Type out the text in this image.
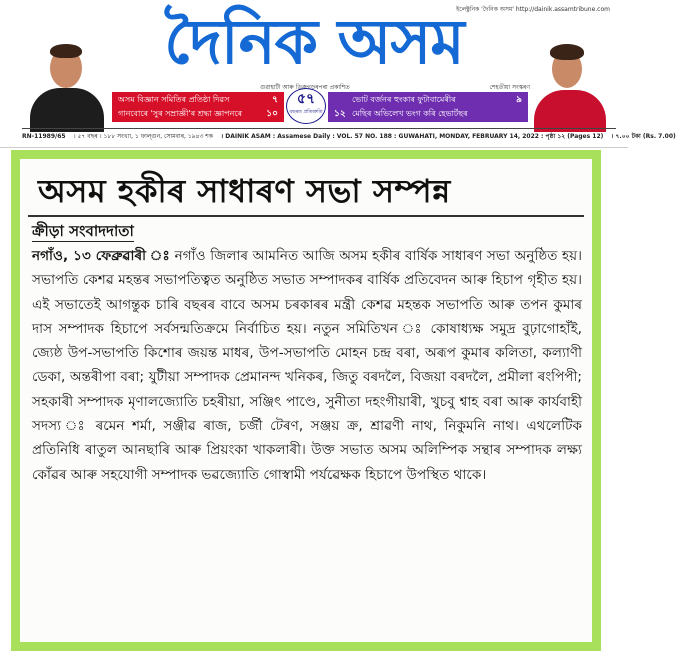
ইলেক্ট্ৰনিক 'দৈনিক অসম' http://dainik.assamtribune.com
দৈনিক অসম
গুৱাহাটী আৰু ডিব্ৰুগড়ৰপৰা প্ৰকাশিত	শেহতীয়া সংস্কৰণ
অসম বিজ্ঞান সমিতিৰ প্ৰতিষ্ঠা দিৱস	৭
গানবোৰে 'সুৰ সম্ৰাজ্ঞী'ৰ শ্ৰদ্ধা জ্ঞাপনৰে	১০
৫৭
বছৰত প্ৰতিশ্ৰুতি
ভোট বৰ্জনৰ হুংকাৰ ফুটাবামেৰীৰ	৯
১২ মেছিৰ অভিলেখ ভংগ কৰি হেভাৰ্টছৰ
RN-11989/65 । ৫৭ বছৰ । ১৮৮ সংখ্যা, ১ ফাল্গুন, সোমবাৰ, ১৯৪৩ শক । DAINIK ASAM : Assamese Daily : VOL. 57 NO. 188 : GUWAHATI, MONDAY, FEBRUARY 14, 2022 : পৃষ্ঠা ১২ (Pages 12) । ৭.০০ টকা (Rs. 7.00)
অসম হকীৰ সাধাৰণ সভা সম্পন্ন
ক্ৰীড়া সংবাদদাতা

নগাঁও, ১৩ ফেব্ৰুৱাৰী ঃ নগাঁও জিলাৰ আমনিত আজি অসম হকীৰ বাৰ্ষিক সাধাৰণ সভা অনুষ্ঠিত হয়। সভাপতি কেশৱ মহন্তৰ সভাপতিত্বত অনুষ্ঠিত সভাত সম্পাদকৰ বাৰ্ষিক প্ৰতিবেদন আৰু হিচাপ গৃহীত হয়। এই সভাতেই আগন্তুক চাৰি বছৰৰ বাবে অসম চৰকাৰৰ মন্ত্ৰী কেশৱ মহন্তক সভাপতি আৰু তপন কুমাৰ দাস সম্পাদক হিচাপে সৰ্বসন্মতিক্ৰমে নিৰ্বাচিত হয়। নতুন সমিতিখন ঃ কোষাধ্যক্ষ সমুদ্ৰ বুঢ়াগোহাঁই, জ্যেষ্ঠ উপ-সভাপতি কিশোৰ জয়ন্ত মাধৰ, উপ-সভাপতি মোহন চন্দ্ৰ বৰা, অৰূপ কুমাৰ কলিতা, কল্যাণী ডেকা, অন্তৰীপা বৰা; যুটীয়া সম্পাদক প্ৰেমানন্দ খনিকৰ, জিতু বৰদলৈ, বিজয়া বৰদলৈ, প্ৰমীলা ৰংপিপী; সহকাৰী সম্পাদক মৃণালজ্যোতি চহৰীয়া, সঞ্জিৎ পাণ্ডে, সুনীতা দহংগীয়াৰী, খুচবু শ্বাহ বৰা আৰু কাৰ্যবাহী সদস্য ঃ ৰমেন শৰ্মা, সঞ্জীৱ ৰাজ, চৰ্জী টেৰণ, সঞ্জয় ক্ৰ, শ্ৰাৱণী নাথ, নিকুমনি নাথ। এথলেটিক প্ৰতিনিধি ৰাতুল আনছাৰি আৰু প্ৰিয়ংকা খাকলাৰী। উক্ত সভাত অসম অলিম্পিক সন্থাৰ সম্পাদক লক্ষ্য কোঁৱৰ আৰু সহযোগী সম্পাদক ভৱজ্যোতি গোস্বামী পৰ্যৱেক্ষক হিচাপে উপস্থিত থাকে।
